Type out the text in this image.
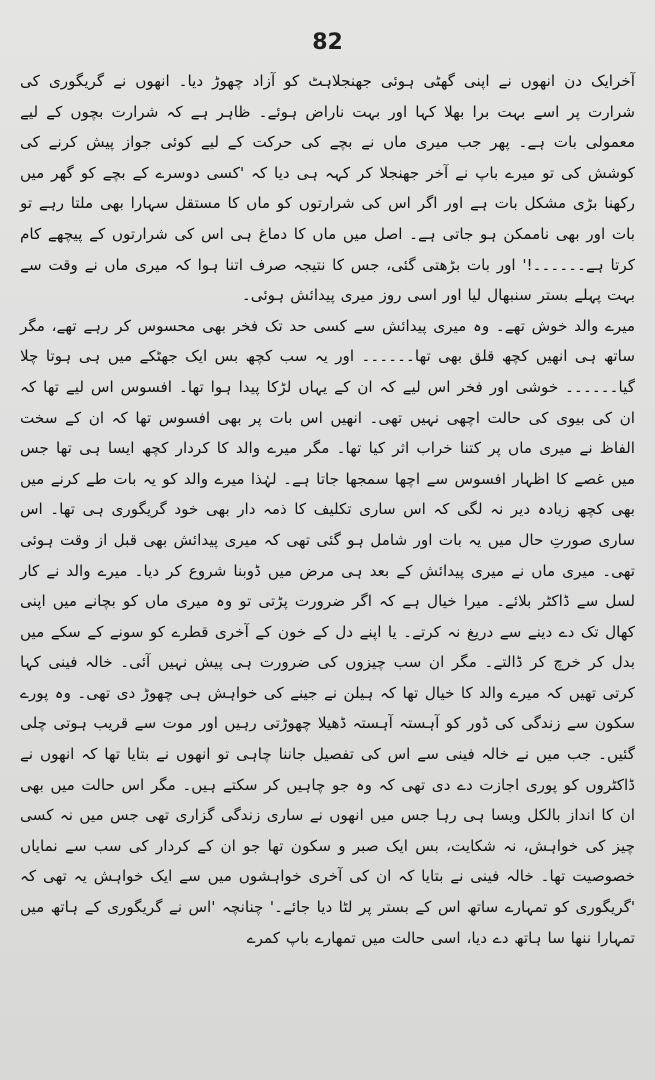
82

آخرایک دن انھوں نے اپنی گھٹی ہوئی جھنجلاہٹ کو آزاد چھوڑ دیا۔ انھوں نے گریگوری کی شرارت پر اسے بہت برا بھلا کہا اور بہت ناراض ہوئے۔ ظاہر ہے کہ شرارت بچوں کے لیے معمولی بات ہے۔ پھر جب میری ماں نے بچے کی حرکت کے لیے کوئی جواز پیش کرنے کی کوشش کی تو میرے باپ نے آخر جھنجلا کر کہہ ہی دیا کہ 'کسی دوسرے کے بچے کو گھر میں رکھنا بڑی مشکل بات ہے اور اگر اس کی شرارتوں کو ماں کا مستقل سہارا بھی ملتا رہے تو بات اور بھی ناممکن ہو جاتی ہے۔ اصل میں ماں کا دماغ ہی اس کی شرارتوں کے پیچھے کام کرتا ہے۔۔۔۔۔۔!' اور بات بڑھتی گئی، جس کا نتیجہ صرف اتنا ہوا کہ میری ماں نے وقت سے بہت پہلے بستر سنبھال لیا اور اسی روز میری پیدائش ہوئی۔

میرے والد خوش تھے۔ وہ میری پیدائش سے کسی حد تک فخر بھی محسوس کر رہے تھے، مگر ساتھ ہی انھیں کچھ قلق بھی تھا۔۔۔۔۔۔ اور یہ سب کچھ بس ایک جھٹکے میں ہی ہوتا چلا گیا۔۔۔۔۔۔ خوشی اور فخر اس لیے کہ ان کے یہاں لڑکا پیدا ہوا تھا۔ افسوس اس لیے تھا کہ ان کی بیوی کی حالت اچھی نہیں تھی۔ انھیں اس بات پر بھی افسوس تھا کہ ان کے سخت الفاظ نے میری ماں پر کتنا خراب اثر کیا تھا۔ مگر میرے والد کا کردار کچھ ایسا ہی تھا جس میں غصے کا اظہار افسوس سے اچھا سمجھا جاتا ہے۔ لہٰذا میرے والد کو یہ بات طے کرنے میں بھی کچھ زیادہ دیر نہ لگی کہ اس ساری تکلیف کا ذمہ دار بھی خود گریگوری ہی تھا۔ اس ساری صورتِ حال میں یہ بات اور شامل ہو گئی تھی کہ میری پیدائش بھی قبل از وقت ہوئی تھی۔ میری ماں نے میری پیدائش کے بعد ہی مرض میں ڈوبنا شروع کر دیا۔ میرے والد نے کار لسل سے ڈاکٹر بلائے۔ میرا خیال ہے کہ اگر ضرورت پڑتی تو وہ میری ماں کو بچانے میں اپنی کھال تک دے دینے سے دریغ نہ کرتے۔ یا اپنے دل کے خون کے آخری قطرے کو سونے کے سکے میں بدل کر خرچ کر ڈالتے۔ مگر ان سب چیزوں کی ضرورت ہی پیش نہیں آئی۔ خالہ فینی کہا کرتی تھیں کہ میرے والد کا خیال تھا کہ ہیلن نے جینے کی خواہش ہی چھوڑ دی تھی۔ وہ پورے سکون سے زندگی کی ڈور کو آہستہ آہستہ ڈھیلا چھوڑتی رہیں اور موت سے قریب ہوتی چلی گئیں۔ جب میں نے خالہ فینی سے اس کی تفصیل جاننا چاہی تو انھوں نے بتایا تھا کہ انھوں نے ڈاکٹروں کو پوری اجازت دے دی تھی کہ وہ جو چاہیں کر سکتے ہیں۔ مگر اس حالت میں بھی ان کا انداز بالکل ویسا ہی رہا جس میں انھوں نے ساری زندگی گزاری تھی جس میں نہ کسی چیز کی خواہش، نہ شکایت، بس ایک صبر و سکون تھا جو ان کے کردار کی سب سے نمایاں خصوصیت تھا۔ خالہ فینی نے بتایا کہ ان کی آخری خواہشوں میں سے ایک خواہش یہ تھی کہ 'گریگوری کو تمہارے ساتھ اس کے بستر پر لٹا دیا جائے۔' چنانچہ 'اس نے گریگوری کے ہاتھ میں تمہارا ننھا سا ہاتھ دے دیا، اسی حالت میں تمھارے باپ کمرے
